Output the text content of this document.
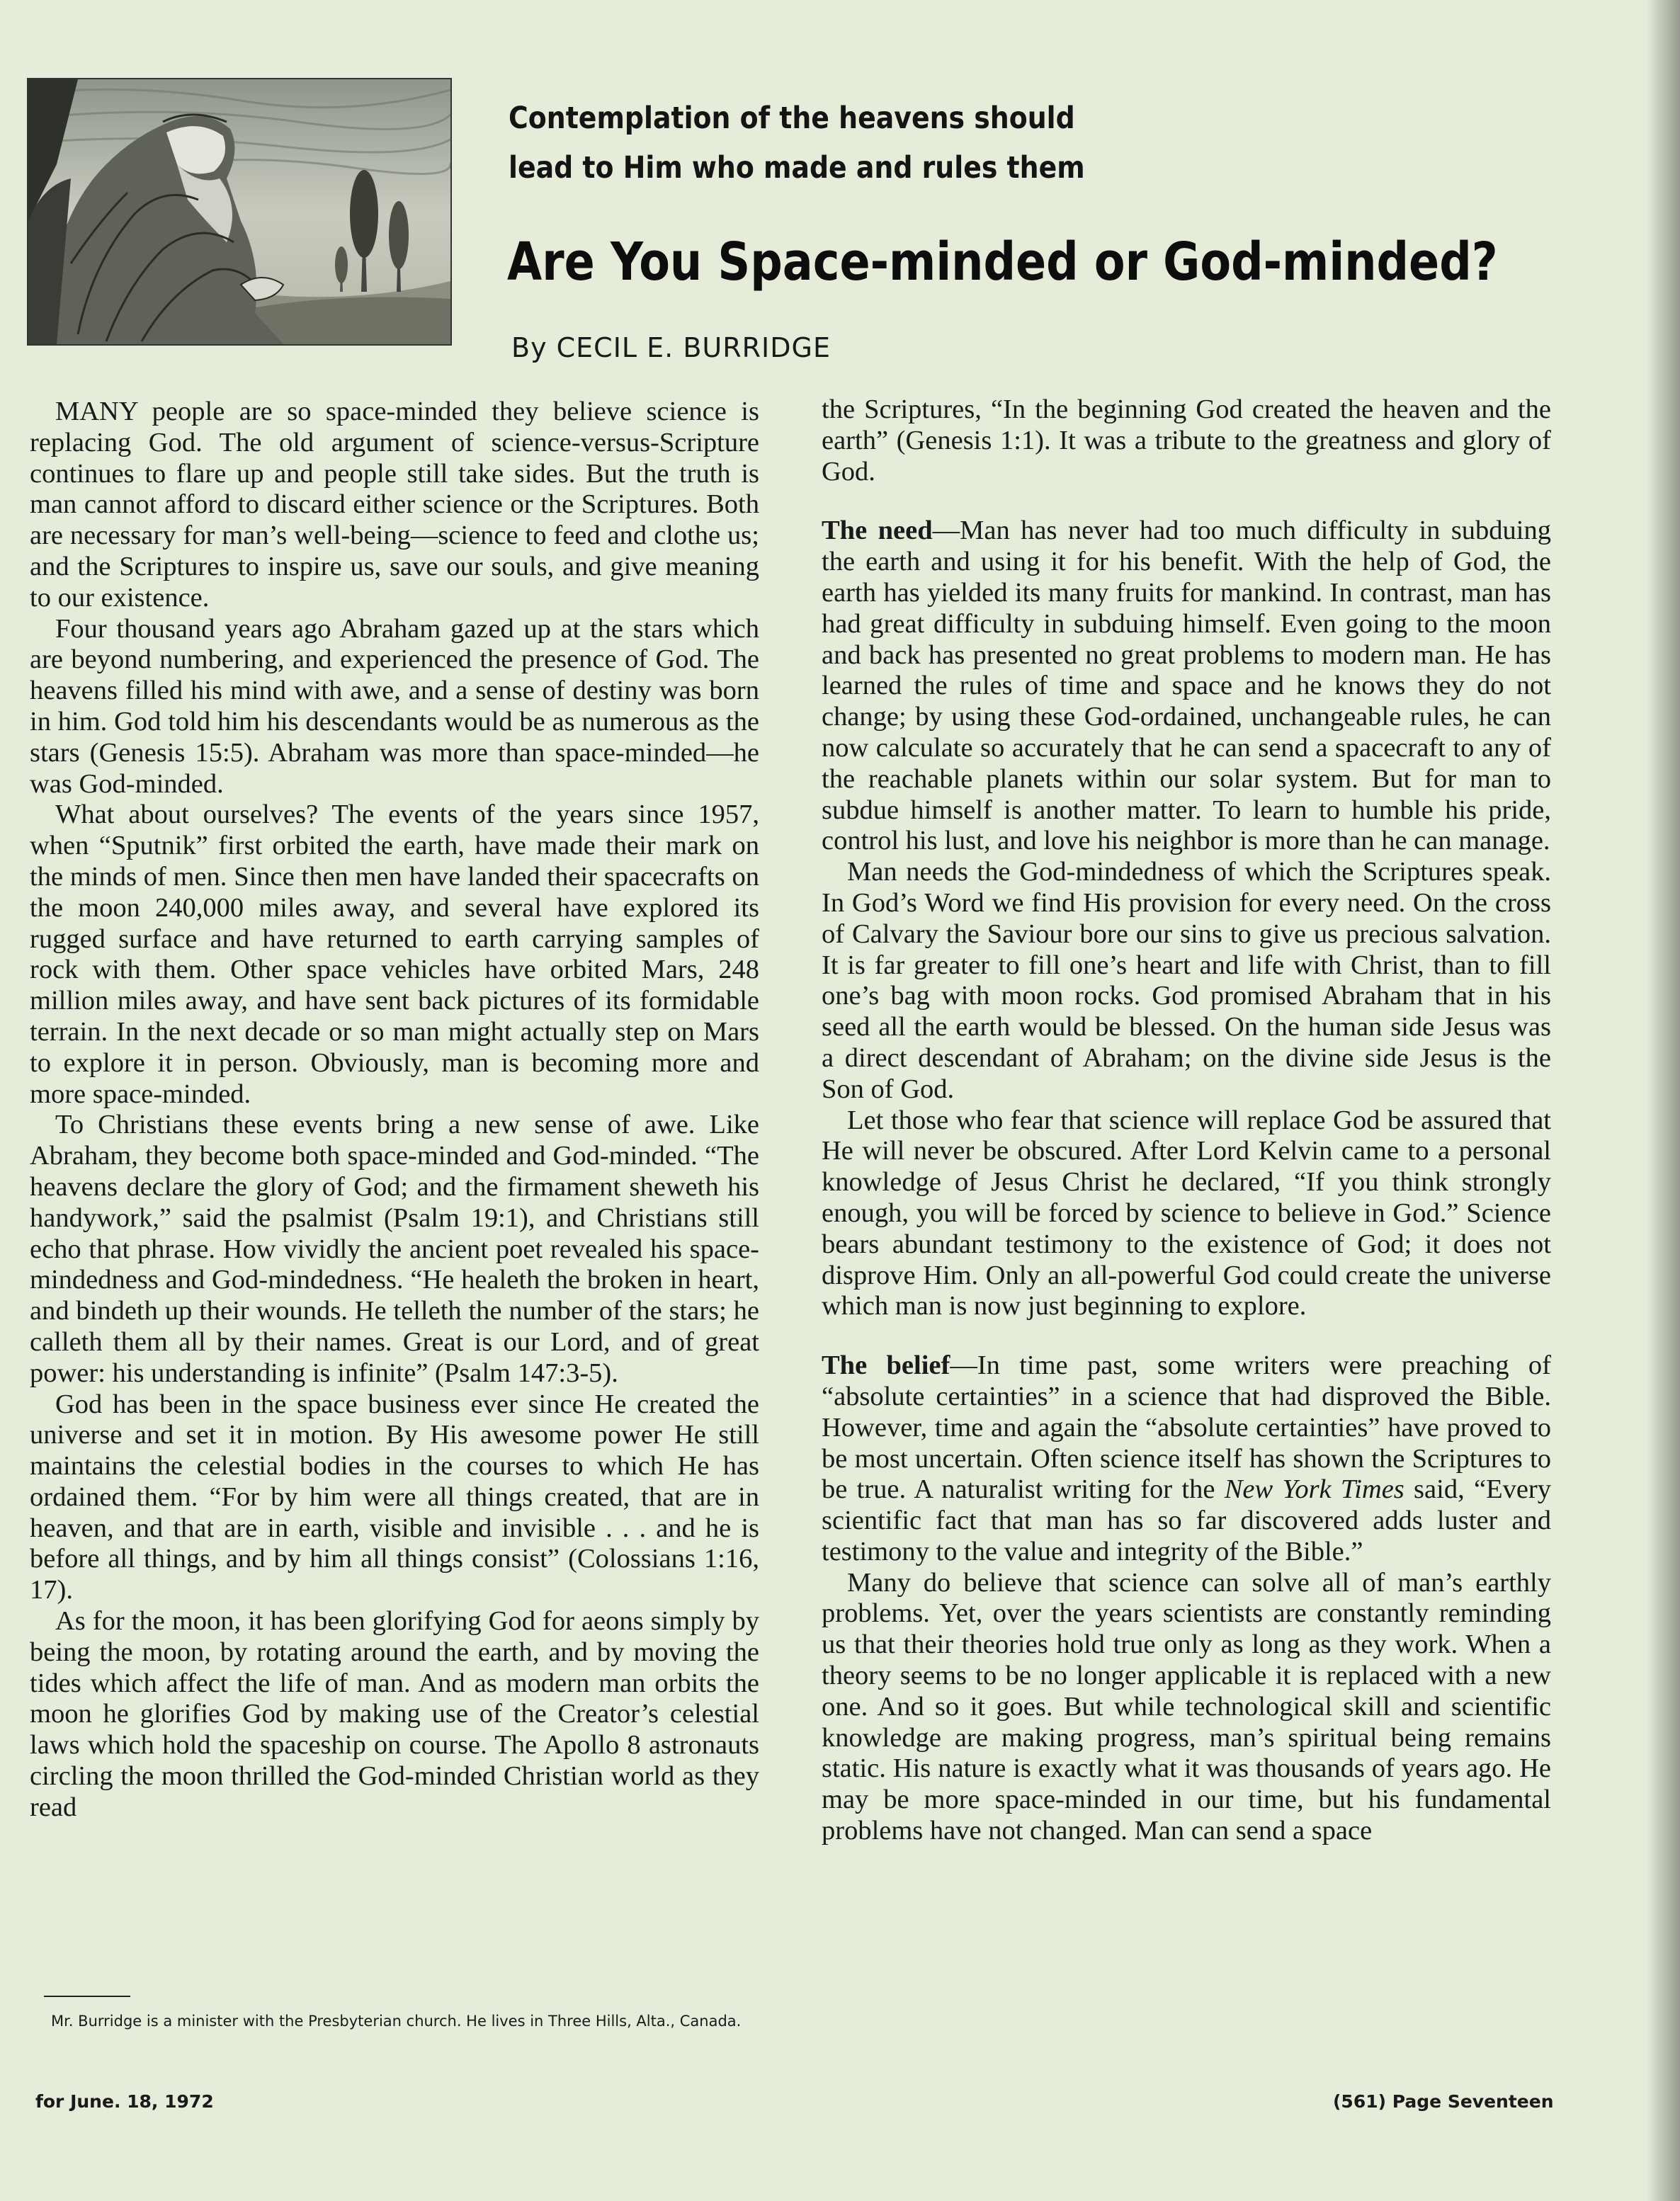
Contemplation of the heavens should
lead to Him who made and rules them
Are You Space-minded or God-minded?
By CECIL E. BURRIDGE

MANY people are so space-minded they believe science is replacing God. The old argument of science-versus-Scripture continues to flare up and people still take sides. But the truth is man cannot afford to discard either science or the Scriptures. Both are necessary for man’s well-being—science to feed and clothe us; and the Scriptures to inspire us, save our souls, and give meaning to our existence.

Four thousand years ago Abraham gazed up at the stars which are beyond numbering, and experienced the presence of God. The heavens filled his mind with awe, and a sense of destiny was born in him. God told him his descendants would be as numerous as the stars (Genesis 15:5). Abraham was more than space-minded—he was God-minded.

What about ourselves? The events of the years since 1957, when “Sputnik” first orbited the earth, have made their mark on the minds of men. Since then men have landed their spacecrafts on the moon 240,000 miles away, and several have explored its rugged surface and have returned to earth carrying samples of rock with them. Other space vehicles have orbited Mars, 248 million miles away, and have sent back pictures of its formidable terrain. In the next decade or so man might actually step on Mars to explore it in person. Obviously, man is becoming more and more space-minded.

To Christians these events bring a new sense of awe. Like Abraham, they become both space-minded and God-minded. “The heavens declare the glory of God; and the firmament sheweth his handywork,” said the psalmist (Psalm 19:1), and Christians still echo that phrase. How vividly the ancient poet revealed his space-mindedness and God-mindedness. “He healeth the broken in heart, and bindeth up their wounds. He telleth the number of the stars; he calleth them all by their names. Great is our Lord, and of great power: his understanding is infinite” (Psalm 147:3-5).

God has been in the space business ever since He created the universe and set it in motion. By His awesome power He still maintains the celestial bodies in the courses to which He has ordained them. “For by him were all things created, that are in heaven, and that are in earth, visible and invisible . . . and he is before all things, and by him all things consist” (Colossians 1:16, 17).

As for the moon, it has been glorifying God for aeons simply by being the moon, by rotating around the earth, and by moving the tides which affect the life of man. And as modern man orbits the moon he glorifies God by making use of the Creator’s celestial laws which hold the spaceship on course. The Apollo 8 astronauts circling the moon thrilled the God-minded Christian world as they read

the Scriptures, “In the beginning God created the heaven and the earth” (Genesis 1:1). It was a tribute to the greatness and glory of God.

The need—Man has never had too much difficulty in subduing the earth and using it for his benefit. With the help of God, the earth has yielded its many fruits for mankind. In contrast, man has had great difficulty in subduing himself. Even going to the moon and back has presented no great problems to modern man. He has learned the rules of time and space and he knows they do not change; by using these God-ordained, unchangeable rules, he can now calculate so accurately that he can send a spacecraft to any of the reachable planets within our solar system. But for man to subdue himself is another matter. To learn to humble his pride, control his lust, and love his neighbor is more than he can manage.

Man needs the God-mindedness of which the Scriptures speak. In God’s Word we find His provision for every need. On the cross of Calvary the Saviour bore our sins to give us precious salvation. It is far greater to fill one’s heart and life with Christ, than to fill one’s bag with moon rocks. God promised Abraham that in his seed all the earth would be blessed. On the human side Jesus was a direct descendant of Abraham; on the divine side Jesus is the Son of God.

Let those who fear that science will replace God be assured that He will never be obscured. After Lord Kelvin came to a personal knowledge of Jesus Christ he declared, “If you think strongly enough, you will be forced by science to believe in God.” Science bears abundant testimony to the existence of God; it does not disprove Him. Only an all-powerful God could create the universe which man is now just beginning to explore.

The belief—In time past, some writers were preaching of “absolute certainties” in a science that had disproved the Bible. However, time and again the “absolute certainties” have proved to be most uncertain. Often science itself has shown the Scriptures to be true. A naturalist writing for the New York Times said, “Every scientific fact that man has so far discovered adds luster and testimony to the value and integrity of the Bible.”

Many do believe that science can solve all of man’s earthly problems. Yet, over the years scientists are constantly reminding us that their theories hold true only as long as they work. When a theory seems to be no longer applicable it is replaced with a new one. And so it goes. But while technological skill and scientific knowledge are making progress, man’s spiritual being remains static. His nature is exactly what it was thousands of years ago. He may be more space-minded in our time, but his fundamental problems have not changed. Man can send a space

Mr. Burridge is a minister with the Presbyterian church. He lives in Three Hills, Alta., Canada.
for June. 18, 1972	(561) Page Seventeen
